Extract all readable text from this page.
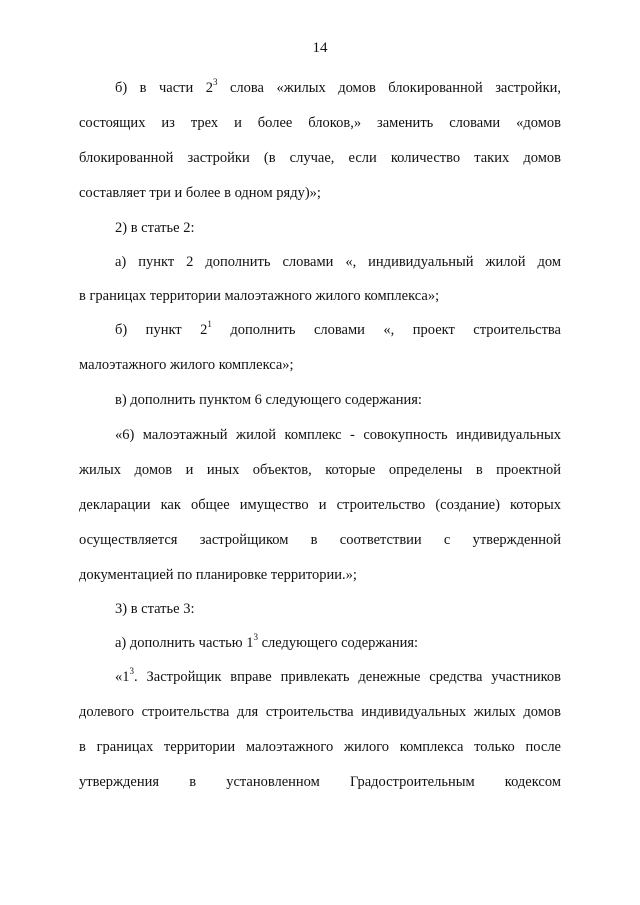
14
б) в части $2^3$ слова «жилых домов блокированной застройки,
состоящих из трех и более блоков,» заменить словами «домов
блокированной застройки (в случае, если количество таких домов
составляет три и более в одном ряду)»;
2) в статье 2:
а) пункт 2 дополнить словами «, индивидуальный жилой дом
в границах территории малоэтажного жилого комплекса»;
б) пункт $2^1$ дополнить словами «, проект строительства
малоэтажного жилого комплекса»;
в) дополнить пунктом 6 следующего содержания:
«6) малоэтажный жилой комплекс - совокупность индивидуальных
жилых домов и иных объектов, которые определены в проектной
декларации как общее имущество и строительство (создание) которых
осуществляется застройщиком в соответствии с утвержденной
документацией по планировке территории.»;
3) в статье 3:
а) дополнить частью $1^3$ следующего содержания:
«$1^3$. Застройщик вправе привлекать денежные средства участников
долевого строительства для строительства индивидуальных жилых домов
в границах территории малоэтажного жилого комплекса только после
утверждения в установленном Градостроительным кодексом
